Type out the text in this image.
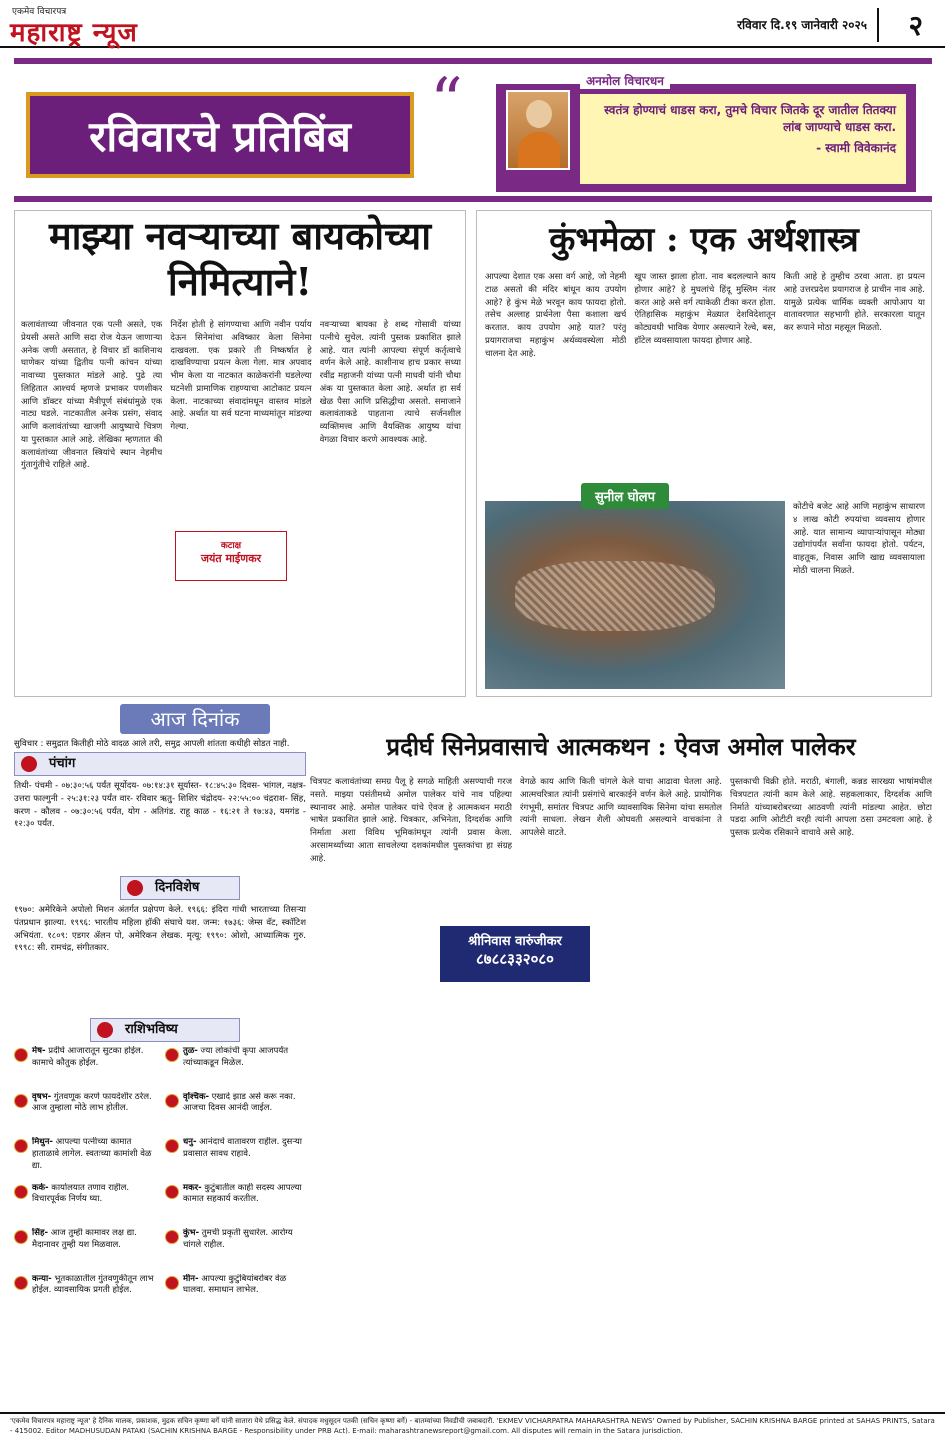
एकमेव विचारपत्र
महाराष्ट्र न्यूज	रविवार दि.१९ जानेवारी २०२५ २
रविवारचे प्रतिबिंब “	अनमोल विचारधन
स्वतंत्र होण्याचं धाडस करा, तुमचे विचार जितके दूर जातील तितक्या लांब जाण्याचे धाडस करा.
- स्वामी विवेकानंद
माझ्या नवऱ्याच्या बायकाेच्या निमित्याने!
कलावंताच्या जीवनात एक पत्नी असते, एक प्रेयसी असते आणि सदा रोज येऊन जाणाऱ्या अनेक जणी असतात, हे विचार डॉ काशिनाथ घाणेकर यांच्या द्वितीय पत्नी कांचन यांच्या नावाच्या पुस्तकात मांडले आहे. पुढे त्या लिहितात आश्चर्य म्हणजे प्रभाकर पणशीकर आणि डॉक्टर यांच्या मैत्रीपूर्ण संबंधांमुळे एक नाट्य घडले. नाटकातील अनेक प्रसंग, संवाद आणि कलावंतांच्या खाजगी आयुष्याचे चित्रण या पुस्तकात आले आहे. लेखिका म्हणतात की कलावंतांच्या जीवनात स्त्रियांचे स्थान नेहमीच गुंतागुंतीचे राहिले आहे.
निर्देश होती हे सांगण्याचा आणि नवीन पर्याय देऊन सिनेमांचा अविष्कार केला सिनेमा दाखवला. एक प्रकारे ती निष्कर्षात हे दाखविण्याचा प्रयत्न केला गेला. मात्र अपवाद भीम केला या नाटकात काळेकरांनी घडलेल्या घटनेशी प्रामाणिक राहण्याचा आटोकाट प्रयत्न केला. नाटकाच्या संवादांमधून वास्तव मांडले आहे. अर्थात या सर्व घटना माध्यमांतून मांडल्या गेल्या.
नवऱ्याच्या बायका हे शब्द गोसावी यांच्या पत्नीचे सुचेल. त्यांनी पुस्तक प्रकाशित झाले आहे. यात त्यांनी आपल्या संपूर्ण कर्तृत्वाचे वर्णन केले आहे. काशीनाथ हाच प्रकार सध्या रवींद्र महाजनी यांच्या पत्नी माधवी यांनी चौथा अंक या पुस्तकात केला आहे. अर्थात हा सर्व खेळ पैसा आणि प्रसिद्धीचा असतो. समाजाने कलावंताकडे पाहताना त्याचे सर्जनशील व्यक्तिमत्त्व आणि वैयक्तिक आयुष्य यांचा वेगळा विचार करणे आवश्यक आहे.
कटाक्ष
जयंत माईणकर
कुंभमेळा : एक अर्थशास्त्र
आपल्या देशात एक असा वर्ग आहे, जो नेहमी टाळ असतो की मंदिर बांधून काय उपयोग आहे? हे कुंभ मेळे भरवून काय फायदा होतो. तसेच अल्लाह प्रार्थनेला पैसा कशाला खर्च करतात. काय उपयोग आहे यात? परंतु प्रयागराजचा महाकुंभ अर्थव्यवस्थेला मोठी चालना देत आहे.
खूप जास्त झाला होता. नाव बदलल्याने काय होणार आहे? हे मुघलांचे हिंदू मुस्लिम नंतर करत आहे असे वर्ग त्याकेळी टीका करत होता. ऐतिहासिक महाकुंभ मेळ्यात देशविदेशातून कोट्यवधी भाविक येणार असल्याने रेल्वे, बस, हॉटेल व्यवसायाला फायदा होणार आहे.
किती आहे हे तुम्हीच ठरवा आता. हा प्रयत्न आहे उत्तरप्रदेश प्रयागराज हे प्राचीन नाव आहे. यामुळे प्रत्येक धार्मिक व्यक्ती आपोआप या वातावरणात सहभागी होते. सरकारला यातून कर रूपाने मोठा महसूल मिळतो.
सुनील घोलप
कोटीचे बजेट आहे आणि महाकुंभ साधारण ४ लाख कोटी रुपयांचा व्यवसाय होणार आहे. यात सामान्य व्यापाऱ्यांपासून मोठ्या उद्योगांपर्यंत सर्वांना फायदा होतो. पर्यटन, वाहतूक, निवास आणि खाद्य व्यवसायाला मोठी चालना मिळते.
आज दिनांक
सुविचार : समुद्रात कितीही मोठे वादळ आले तरी, समुद्र आपली शांतता कधीही सोडत नाही.
पंचांग
तिथी- पंचमी - ०७:३०:५६ पर्यंत सूर्योदय- ०७:१४:३१ सूर्यास्त- १८:४५:३० दिवस- भांगल, नक्षत्र- उत्तरा फाल्गुनी - २५:३१:२३ पर्यंत वार- रविवार ऋतु- शिशिर चंद्रोदय- २२:५५:०० चंद्रराश- सिंह, करण - कौलव - ०७:३०:५६ पर्यंत, योग - अतिगंड. राहू काळ - १६:२१ ते १७:४३, यमगंड - १२:३० पर्यंत.
दिनविशेष
१९७०: अमेरिकेने अपोलो मिशन अंतर्गत प्रक्षेपण केले. १९६६: इंदिरा गांधी भारताच्या तिसऱ्या पंतप्रधान झाल्या. १९९६: भारतीय महिला हॉकी संघाचे यश. जन्म: १७३६: जेम्स वॅट, स्कॉटिश अभियंता. १८०९: एडगर ॲलन पो, अमेरिकन लेखक. मृत्यू: १९९०: ओशो, आध्यात्मिक गुरु. १९९८: सी. रामचंद्र, संगीतकार.
राशिभविष्य
मेष- प्रदीर्घ आजारातून सुटका होईल. कामाचे कौतुक होईल.
तुळ- ज्या लोकांची कृपा आजपर्यंत त्यांच्याकडून मिळेल.
वृषभ- गुंतवणूक करणे फायदेशीर ठरेल. आज तुम्हाला मोठे लाभ होतील.
वृश्चिक- एखादे झाड असे करू नका. आजचा दिवस आनंदी जाईल.
मिथुन- आपल्या पत्नीच्या कामात हाताळावे लागेल. स्वतःच्या कामांशी वेळ द्या.
धनु- आनंदाचे वातावरण राहील. दुसऱ्या प्रवासात सावध राहावे.
कर्क- कार्यालयात तणाव राहील. विचारपूर्वक निर्णय घ्या.
मकर- कुटुंबातील काही सदस्य आपल्या कामात सहकार्य करतील.
सिंह- आज तुम्ही कामावर लक्ष द्या. मैदानावर तुम्ही यश मिळवाल.
कुंभ- तुमची प्रकृती सुधारेल. आरोग्य चांगले राहील.
कन्या- भूतकाळातील गुंतवणुकीतून लाभ होईल. व्यावसायिक प्रगती होईल.
मीन- आपल्या कुटुंबियांबरोबर वेळ घालवा. समाधान लाभेल.
प्रदीर्घ सिनेप्रवासाचे आत्मकथन : ऐवज अमोल पालेकर
चित्रपट कलावंतांच्या समग्र पैलू हे सगळे माहिती असण्याची गरज नसते. माझ्या पसंतीमध्ये अमोल पालेकर यांचे नाव पहिल्या स्थानावर आहे. अमोल पालेकर यांचे ऐवज हे आत्मकथन मराठी भाषेत प्रकाशित झाले आहे. चित्रकार, अभिनेता, दिग्दर्शक आणि निर्माता अशा विविध भूमिकांमधून त्यांनी प्रवास केला. अरसामर्थ्यांच्या आता साचलेल्या दशकांमधील पुस्तकांचा हा संग्रह आहे.
वेगळे काय आणि किती चांगले केले याचा आढावा घेतला आहे. आत्मचरित्रात त्यांनी प्रसंगांचे बारकाईने वर्णन केले आहे. प्रायोगिक रंगभूमी, समांतर चित्रपट आणि व्यावसायिक सिनेमा यांचा समतोल त्यांनी साधला. लेखन शैली ओघवती असल्याने वाचकांना ते आपलेसे वाटते.
पुस्तकाची विक्री होते. मराठी, बंगाली, कन्नड सारख्या भाषांमधील चित्रपटात त्यांनी काम केले आहे. सहकलाकार, दिग्दर्शक आणि निर्माते यांच्याबरोबरच्या आठवणी त्यांनी मांडल्या आहेत. छोटा पडदा आणि ओटीटी वरही त्यांनी आपला ठसा उमटवला आहे. हे पुस्तक प्रत्येक रसिकाने वाचावे असे आहे.
श्रीनिवास वारुंजीकर
८७८८३३२०८०
'एकमेव विचारपत्र महाराष्ट्र न्यूज' हे दैनिक मालक, प्रकाशक, मुद्रक सचिन कृष्णा बर्गे यांनी सातारा येथे प्रसिद्ध केले. संपादक मधुसूदन पतकी (सचिन कृष्णा बर्गे) - बातम्यांच्या निवडीची जबाबदारी. 'EKMEV VICHARPATRA MAHARASHTRA NEWS' Owned by Publisher, SACHIN KRISHNA BARGE printed at SAHAS PRINTS, Satara - 415002. Editor MADHUSUDAN PATAKI (SACHIN KRISHNA BARGE - Responsibility under PRB Act). E-mail: maharashtranewsreport@gmail.com. All disputes will remain in the Satara jurisdiction.
